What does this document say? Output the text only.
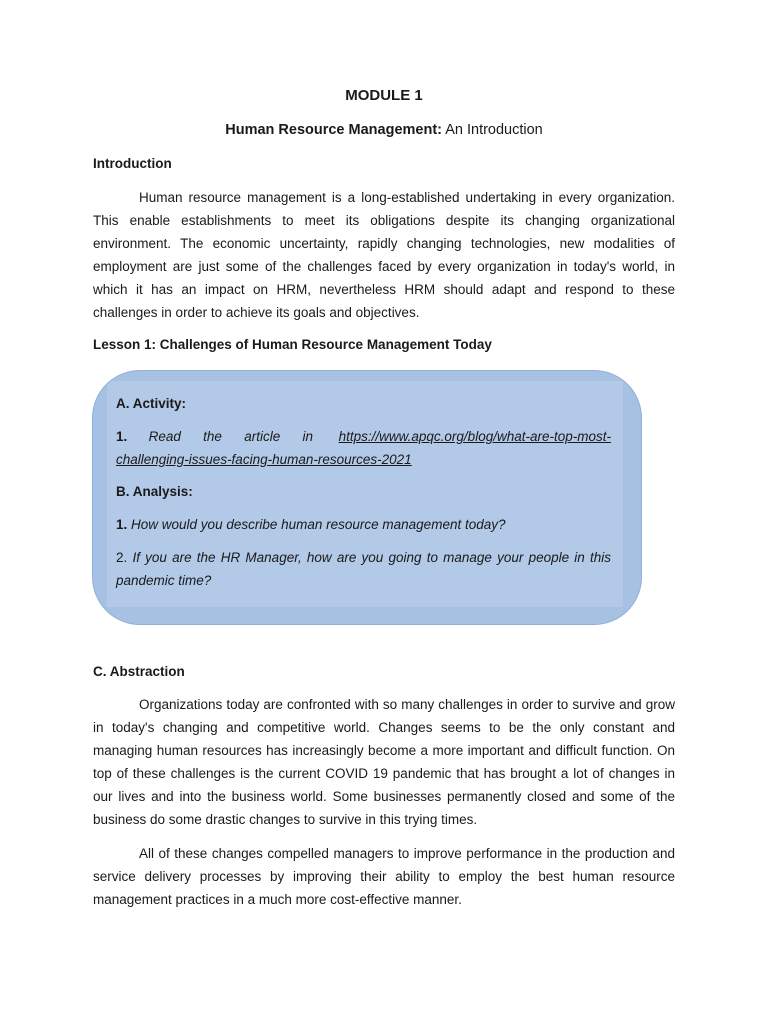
MODULE 1
Human Resource Management: An Introduction
Introduction
Human resource management is a long-established undertaking in every organization. This enable establishments to meet its obligations despite its changing organizational environment. The economic uncertainty, rapidly changing technologies, new modalities of employment are just some of the challenges faced by every organization in today's world, in which it has an impact on HRM, nevertheless HRM should adapt and respond to these challenges in order to achieve its goals and objectives.
Lesson 1: Challenges of Human Resource Management Today
A. Activity:
1. Read the article in https://www.apqc.org/blog/what-are-top-most-challenging-issues-facing-human-resources-2021
B. Analysis:
1. How would you describe human resource management today?
2. If you are the HR Manager, how are you going to manage your people in this pandemic time?
C. Abstraction
Organizations today are confronted with so many challenges in order to survive and grow in today's changing and competitive world. Changes seems to be the only constant and managing human resources has increasingly become a more important and difficult function. On top of these challenges is the current COVID 19 pandemic that has brought a lot of changes in our lives and into the business world. Some businesses permanently closed and some of the business do some drastic changes to survive in this trying times.
All of these changes compelled managers to improve performance in the production and service delivery processes by improving their ability to employ the best human resource management practices in a much more cost-effective manner.
